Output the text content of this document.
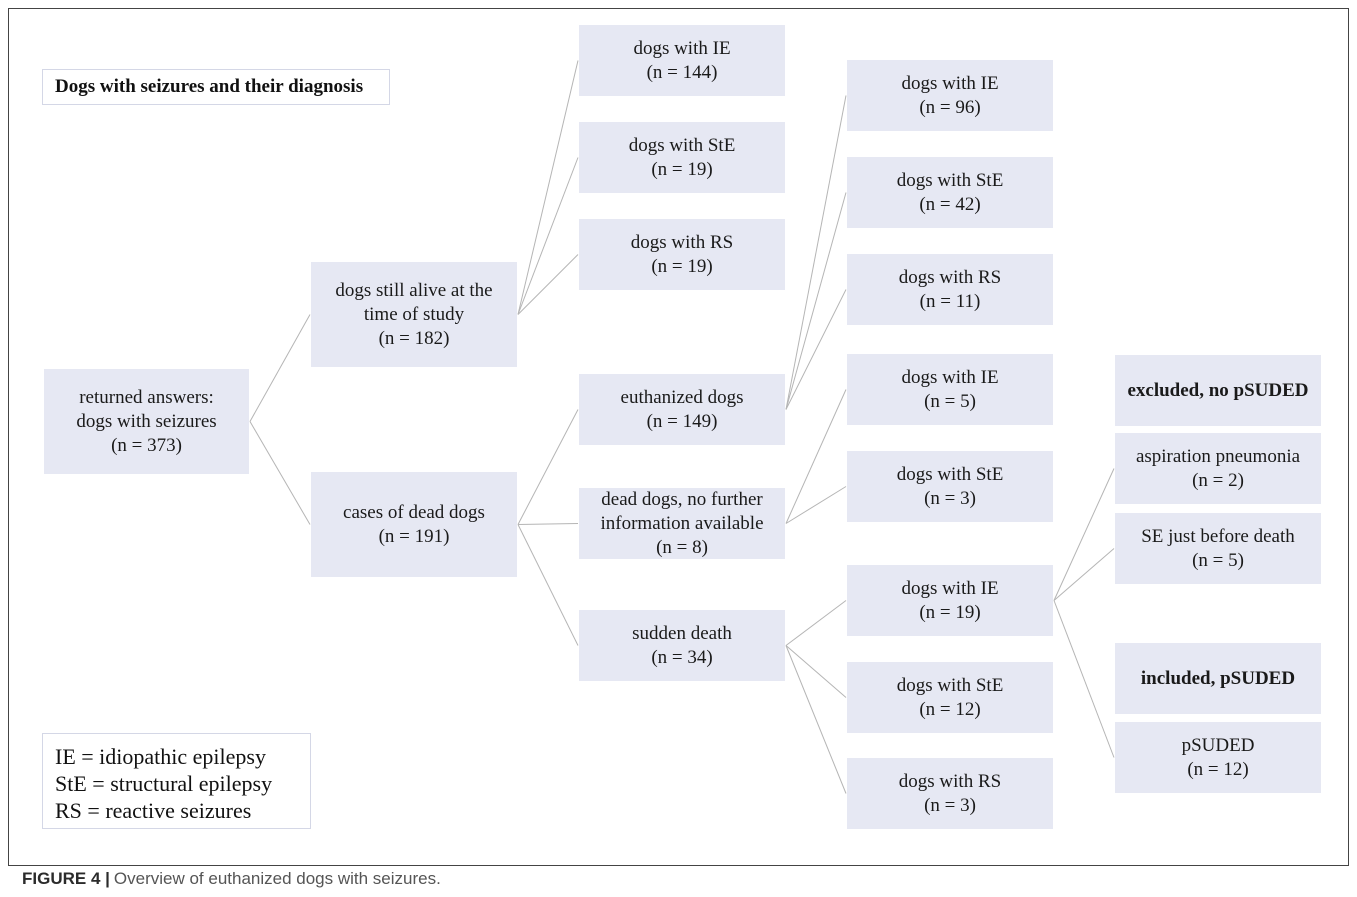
Dogs with seizures and their diagnosis
returned answers:
dogs with seizures
(n = 373)
dogs still alive at the
time of study
(n = 182)
cases of dead dogs
(n = 191)
dogs with IE
(n = 144)
dogs with StE
(n = 19)
dogs with RS
(n = 19)
euthanized dogs
(n = 149)
dead dogs, no further
information available
(n = 8)
sudden death
(n = 34)
dogs with IE
(n = 96)
dogs with StE
(n = 42)
dogs with RS
(n = 11)
dogs with IE
(n = 5)
dogs with StE
(n = 3)
dogs with IE
(n = 19)
dogs with StE
(n = 12)
dogs with RS
(n = 3)
excluded, no pSUDED
aspiration pneumonia
(n = 2)
SE just before death
(n = 5)
included, pSUDED
pSUDED
(n = 12)
IE = idiopathic epilepsy
StE = structural epilepsy
RS = reactive seizures
FIGURE 4 | Overview of euthanized dogs with seizures.
